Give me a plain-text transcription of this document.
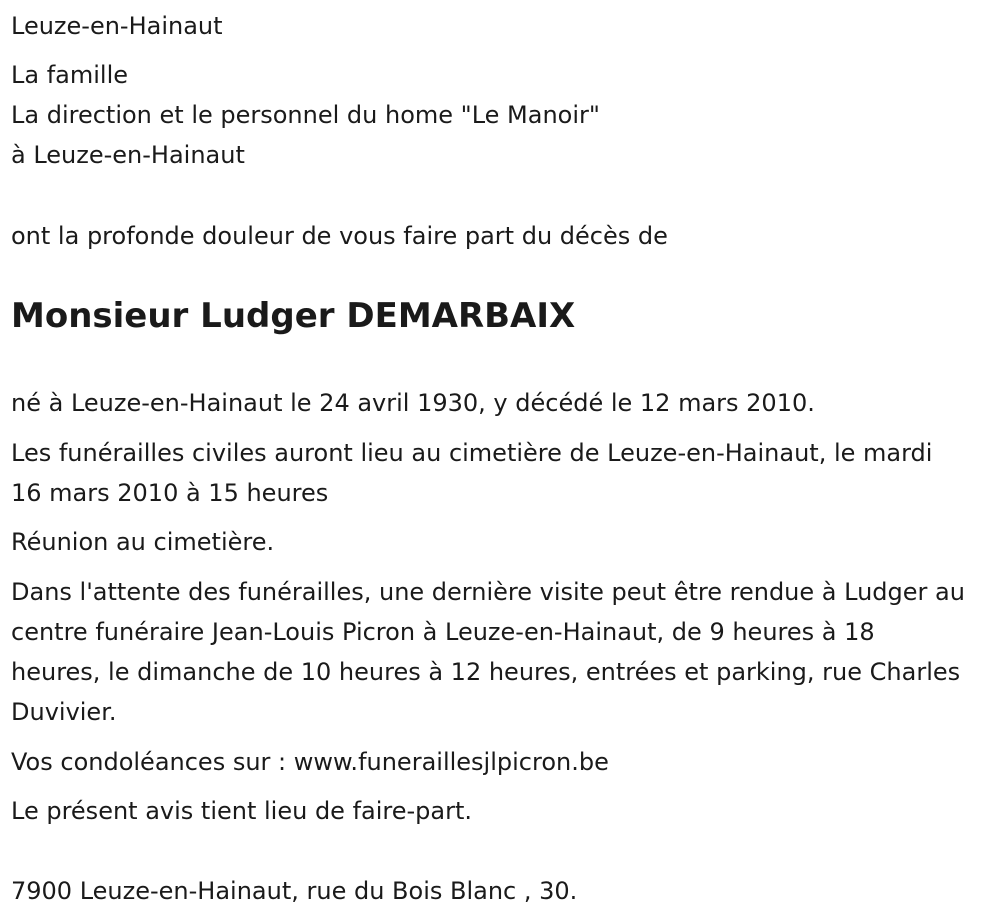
Leuze-en-Hainaut

La famille

La direction et le personnel du home "Le Manoir"

à Leuze-en-Hainaut

ont la profonde douleur de vous faire part du décès de

Monsieur Ludger DEMARBAIX

né à Leuze-en-Hainaut le 24 avril 1930, y décédé le 12 mars 2010.

Les funérailles civiles auront lieu au cimetière de Leuze-en-Hainaut, le mardi 16 mars 2010 à 15 heures

Réunion au cimetière.

Dans l'attente des funérailles, une dernière visite peut être rendue à Ludger au centre funéraire Jean-Louis Picron à Leuze-en-Hainaut, de 9 heures à 18 heures, le dimanche de 10 heures à 12 heures, entrées et parking, rue Charles Duvivier.

Vos condoléances sur : www.funeraillesjlpicron.be

Le présent avis tient lieu de faire-part.

7900 Leuze-en-Hainaut, rue du Bois Blanc , 30.
